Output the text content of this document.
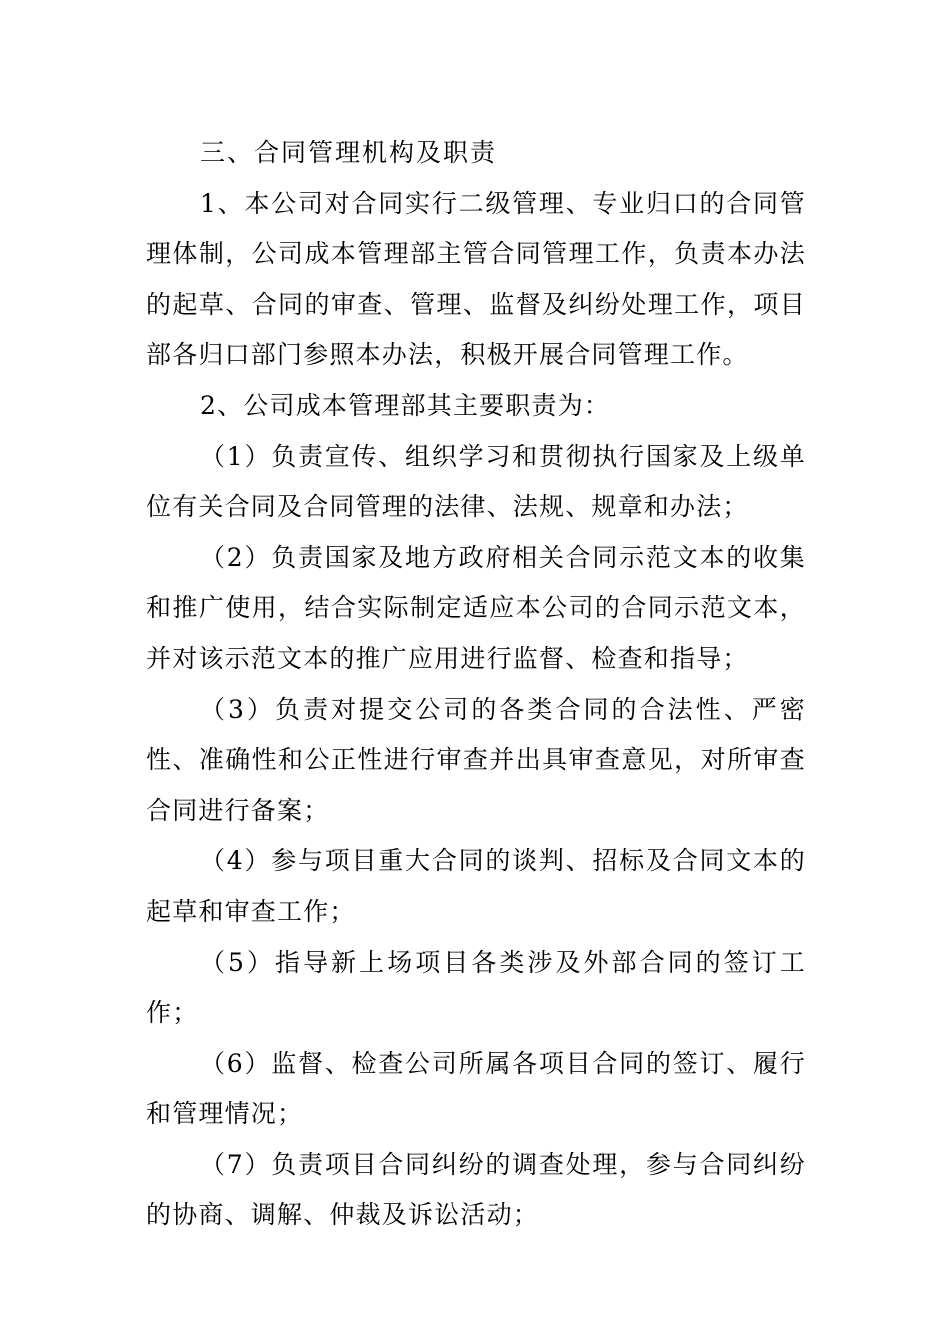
三、合同管理机构及职责

1、本公司对合同实行二级管理、专业归口的合同管理体制，公司成本管理部主管合同管理工作，负责本办法的起草、合同的审查、管理、监督及纠纷处理工作，项目部各归口部门参照本办法，积极开展合同管理工作。

2、公司成本管理部其主要职责为：

（1）负责宣传、组织学习和贯彻执行国家及上级单位有关合同及合同管理的法律、法规、规章和办法；

（2）负责国家及地方政府相关合同示范文本的收集和推广使用，结合实际制定适应本公司的合同示范文本，并对该示范文本的推广应用进行监督、检查和指导；

（3）负责对提交公司的各类合同的合法性、严密性、准确性和公正性进行审查并出具审查意见，对所审查合同进行备案；

（4）参与项目重大合同的谈判、招标及合同文本的起草和审查工作；

（5）指导新上场项目各类涉及外部合同的签订工作；

（6）监督、检查公司所属各项目合同的签订、履行和管理情况；

（7）负责项目合同纠纷的调查处理，参与合同纠纷的协商、调解、仲裁及诉讼活动；
